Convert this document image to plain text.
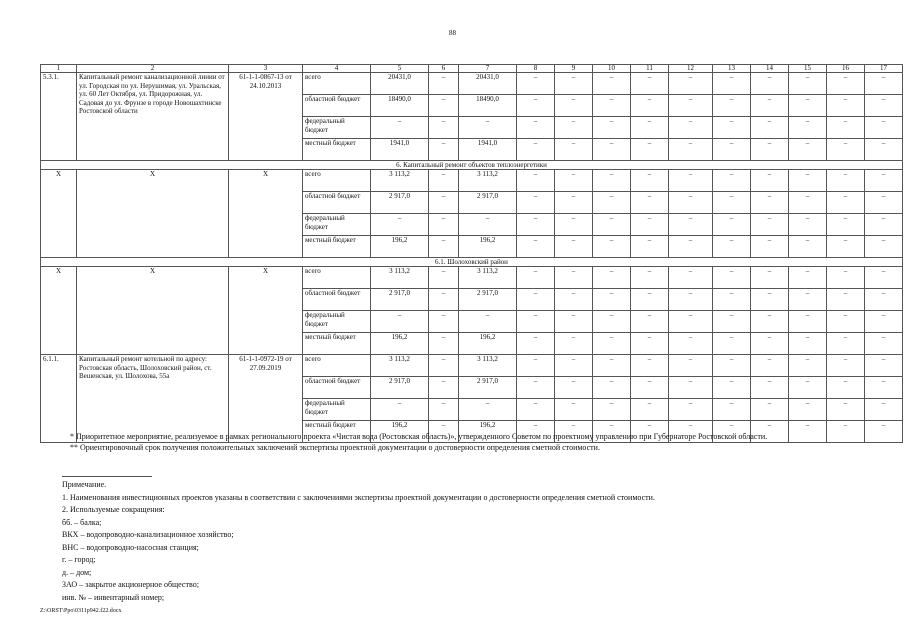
88
1	2	3	4	5	6	7	8	9	10	11	12	13	14	15	16	17
5.3.1.	Капитальный ремонт канализационной линии от ул. Городская по ул. Нерушимая, ул. Уральская, ул. 60 Лет Октября, ул. Придорожная, ул. Садовая до ул. Фрунзе в городе Новошахтинске Ростовской области	61-1-1-0867-13 от 24.10.2013	всего	20431,0	–	20431,0	–	–	–	–	–	–	–	–	–	–
			областной бюджет	18490,0	–	18490,0	–	–	–	–	–	–	–	–	–	–
			федеральный бюджет	–	–	–	–	–	–	–	–	–	–	–	–	–
			местный бюджет	1941,0	–	1941,0	–	–	–	–	–	–	–	–	–	–
6. Капитальный ремонт объектов теплоэнергетики																
X	X	X	всего	3 113,2	–	3 113,2	–	–	–	–	–	–	–	–	–	–
			областной бюджет	2 917,0	–	2 917,0	–	–	–	–	–	–	–	–	–	–
			федеральный бюджет	–	–	–	–	–	–	–	–	–	–	–	–	–
			местный бюджет	196,2	–	196,2	–	–	–	–	–	–	–	–	–	–
6.1. Шолоховский район																
X	X	X	всего	3 113,2	–	3 113,2	–	–	–	–	–	–	–	–	–	–
			областной бюджет	2 917,0	–	2 917,0	–	–	–	–	–	–	–	–	–	–
			федеральный бюджет	–	–	–	–	–	–	–	–	–	–	–	–	–
			местный бюджет	196,2	–	196,2	–	–	–	–	–	–	–	–	–	–
6.1.1.	Капитальный ремонт котельной по адресу: Ростовская область, Шолоховский район, ст. Вешенская, ул. Шолохова, 55а	61-1-1-0972-19 от 27.09.2019	всего	3 113,2	–	3 113,2	–	–	–	–	–	–	–	–	–	–
			областной бюджет	2 917,0	–	2 917,0	–	–	–	–	–	–	–	–	–	–
			федеральный бюджет	–	–	–	–	–	–	–	–	–	–	–	–	–
			местный бюджет	196,2	–	196,2	–	–	–	–	–	–	–	–	–	–

* Приоритетное мероприятие, реализуемое в рамках регионального проекта «Чистая вода (Ростовская область)», утвержденного Советом по проектному управлению при Губернаторе Ростовской области.

** Ориентировочный срок получения положительных заключений экспертизы проектной документации о достоверности определения сметной стоимости.

Примечание.

1. Наименования инвестиционных проектов указаны в соответствии с заключениями экспертизы проектной документации о достоверности определения сметной стоимости.

2. Используемые сокращения:

бб. – балка;

ВКХ – водопроводно-канализационное хозяйство;

ВНС – водопроводно-насосная станция;

г. – город;

д. – дом;

ЗАО – закрытое акционерное общество;

инв. № – инвентарный номер;

Z:\ORST\Ppo\0311p942.f22.docx
